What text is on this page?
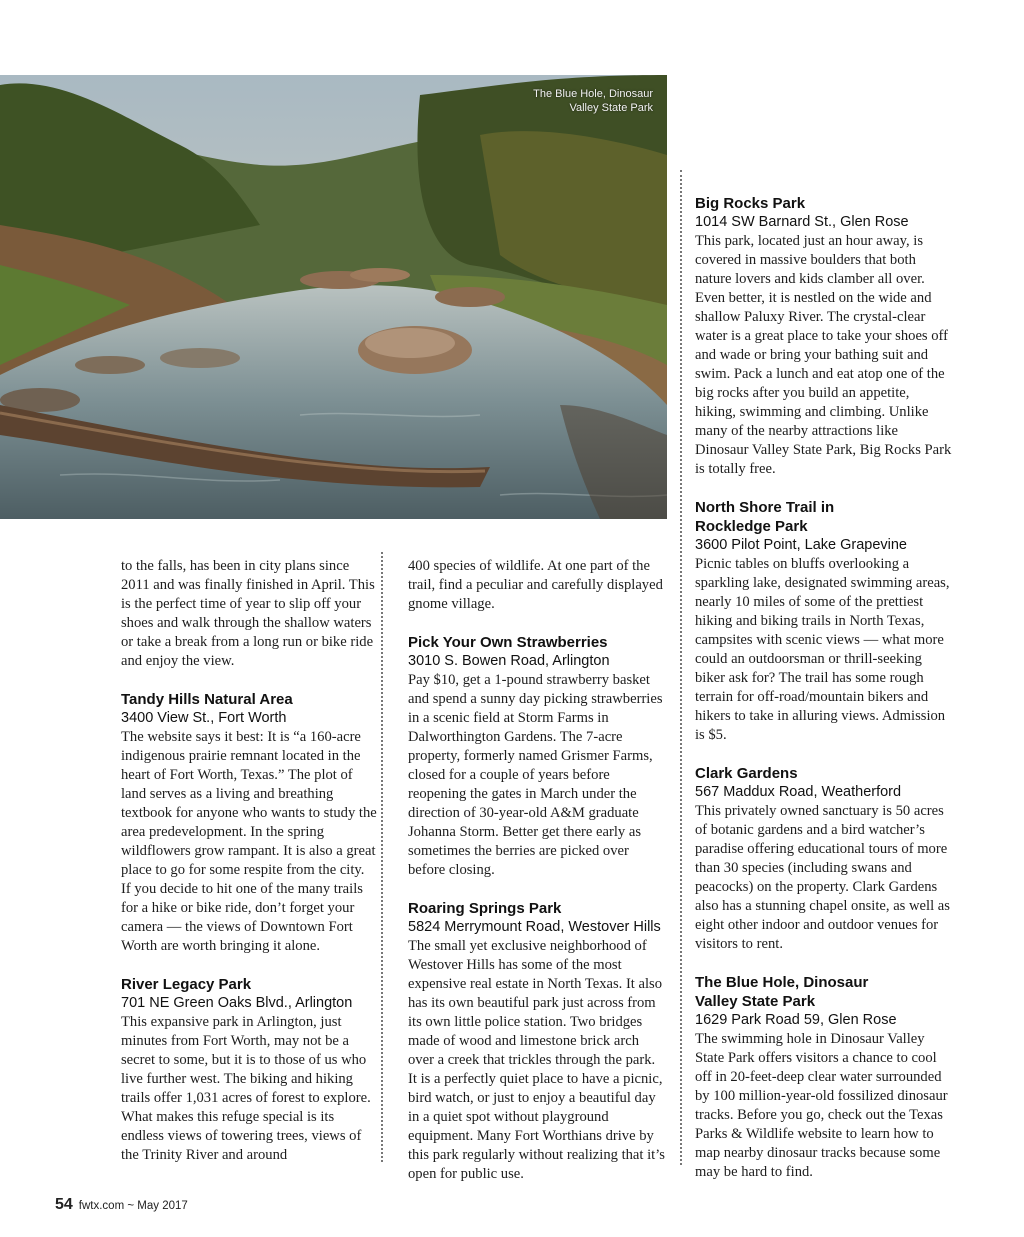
The Blue Hole, Dinosaur
Valley State Park

to the falls, has been in city plans since 2011 and was finally finished in April. This is the perfect time of year to slip off your shoes and walk through the shallow waters or take a break from a long run or bike ride and enjoy the view.

Tandy Hills Natural Area

3400 View St., Fort Worth

The website says it best: It is “a 160-acre indigenous prairie remnant located in the heart of Fort Worth, Texas.” The plot of land serves as a living and breathing textbook for anyone who wants to study the area predevelopment. In the spring wildflowers grow rampant. It is also a great place to go for some respite from the city. If you decide to hit one of the many trails for a hike or bike ride, don’t forget your camera — the views of Downtown Fort Worth are worth bringing it alone.

River Legacy Park

701 NE Green Oaks Blvd., Arlington

This expansive park in Arlington, just minutes from Fort Worth, may not be a secret to some, but it is to those of us who live further west. The biking and hiking trails offer 1,031 acres of forest to explore. What makes this refuge special is its endless views of towering trees, views of the Trinity River and around

400 species of wildlife. At one part of the trail, find a peculiar and carefully displayed gnome village.

Pick Your Own Strawberries

3010 S. Bowen Road, Arlington

Pay $10, get a 1-pound strawberry basket and spend a sunny day picking strawberries in a scenic field at Storm Farms in Dalworthington Gardens. The 7-acre property, formerly named Grismer Farms, closed for a couple of years before reopening the gates in March under the direction of 30-year-old A&M graduate Johanna Storm. Better get there early as sometimes the berries are picked over before closing.

Roaring Springs Park

5824 Merrymount Road, Westover Hills

The small yet exclusive neighborhood of Westover Hills has some of the most expensive real estate in North Texas. It also has its own beautiful park just across from its own little police station. Two bridges made of wood and limestone brick arch over a creek that trickles through the park. It is a perfectly quiet place to have a picnic, bird watch, or just to enjoy a beautiful day in a quiet spot without playground equipment. Many Fort Worthians drive by this park regularly without realizing that it’s open for public use.

Big Rocks Park

1014 SW Barnard St., Glen Rose

This park, located just an hour away, is covered in massive boulders that both nature lovers and kids clamber all over. Even better, it is nestled on the wide and shallow Paluxy River. The crystal-clear water is a great place to take your shoes off and wade or bring your bathing suit and swim. Pack a lunch and eat atop one of the big rocks after you build an appetite, hiking, swimming and climbing. Unlike many of the nearby attractions like Dinosaur Valley State Park, Big Rocks Park is totally free.

North Shore Trail in

Rockledge Park

3600 Pilot Point, Lake Grapevine

Picnic tables on bluffs overlooking a sparkling lake, designated swimming areas, nearly 10 miles of some of the prettiest hiking and biking trails in North Texas, campsites with scenic views — what more could an outdoorsman or thrill-seeking biker ask for? The trail has some rough terrain for off-road/mountain bikers and hikers to take in alluring views. Admission is $5.

Clark Gardens

567 Maddux Road, Weatherford

This privately owned sanctuary is 50 acres of botanic gardens and a bird watcher’s paradise offering educational tours of more than 30 species (including swans and peacocks) on the property. Clark Gardens also has a stunning chapel onsite, as well as eight other indoor and outdoor venues for visitors to rent.

The Blue Hole, Dinosaur

Valley State Park

1629 Park Road 59, Glen Rose

The swimming hole in Dinosaur Valley State Park offers visitors a chance to cool off in 20-feet-deep clear water surrounded by 100 million-year-old fossilized dinosaur tracks. Before you go, check out the Texas Parks & Wildlife website to learn how to map nearby dinosaur tracks because some may be hard to find.

54 fwtx.com ~ May 2017
